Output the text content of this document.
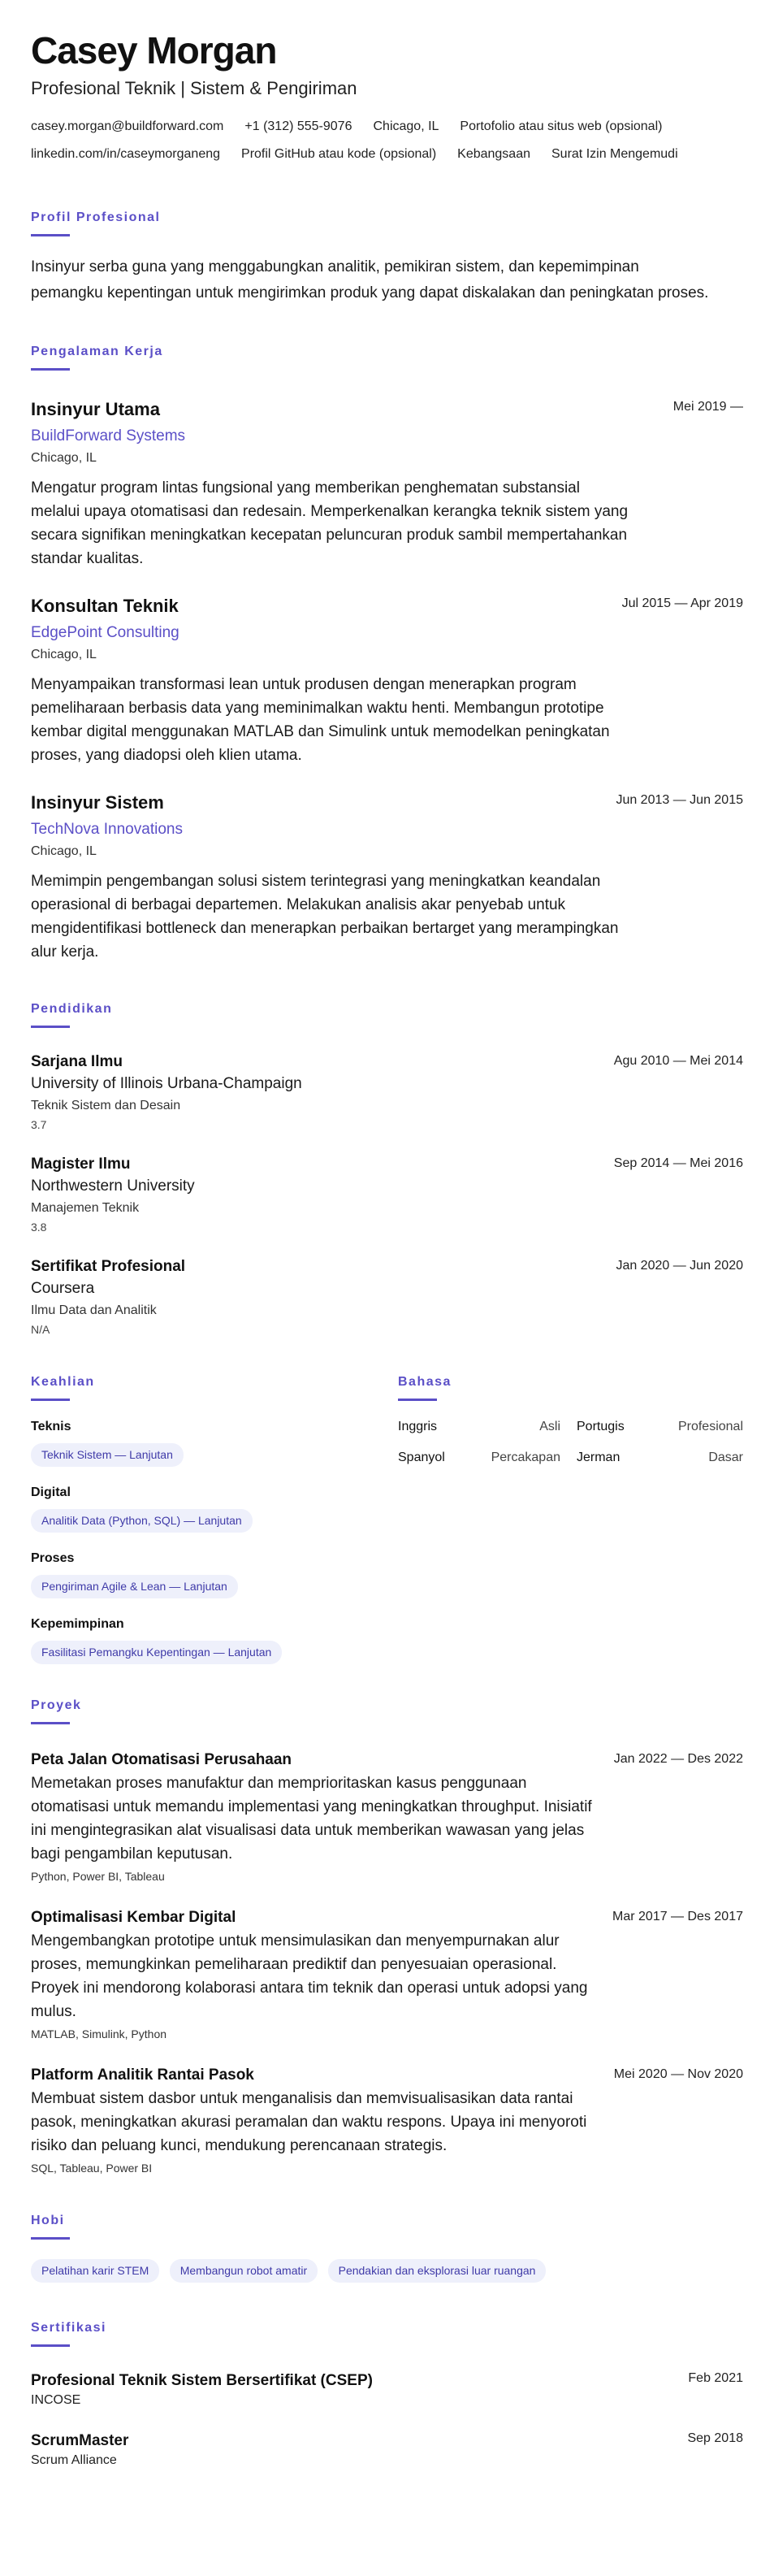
Casey Morgan
Profesional Teknik | Sistem & Pengiriman
casey.morgan@buildforward.com +1 (312) 555-9076 Chicago, IL Portofolio atau situs web (opsional)
linkedin.com/in/caseymorganeng Profil GitHub atau kode (opsional) Kebangsaan Surat Izin Mengemudi
Profil Profesional
Insinyur serba guna yang menggabungkan analitik, pemikiran sistem, dan kepemimpinan pemangku kepentingan untuk mengirimkan produk yang dapat diskalakan dan peningkatan proses.
Pengalaman Kerja
Insinyur Utama	Mei 2019 —
BuildForward Systems
Chicago, IL
Mengatur program lintas fungsional yang memberikan penghematan substansial melalui upaya otomatisasi dan redesain. Memperkenalkan kerangka teknik sistem yang secara signifikan meningkatkan kecepatan peluncuran produk sambil mempertahankan standar kualitas.
Konsultan Teknik	Jul 2015 — Apr 2019
EdgePoint Consulting
Chicago, IL
Menyampaikan transformasi lean untuk produsen dengan menerapkan program pemeliharaan berbasis data yang meminimalkan waktu henti. Membangun prototipe kembar digital menggunakan MATLAB dan Simulink untuk memodelkan peningkatan proses, yang diadopsi oleh klien utama.
Insinyur Sistem	Jun 2013 — Jun 2015
TechNova Innovations
Chicago, IL
Memimpin pengembangan solusi sistem terintegrasi yang meningkatkan keandalan operasional di berbagai departemen. Melakukan analisis akar penyebab untuk mengidentifikasi bottleneck dan menerapkan perbaikan bertarget yang merampingkan alur kerja.
Pendidikan
Sarjana Ilmu	Agu 2010 — Mei 2014
University of Illinois Urbana-Champaign
Teknik Sistem dan Desain
3.7
Magister Ilmu	Sep 2014 — Mei 2016
Northwestern University
Manajemen Teknik
3.8
Sertifikat Profesional	Jan 2020 — Jun 2020
Coursera
Ilmu Data dan Analitik
N/A
Keahlian
Teknis
Teknik Sistem — Lanjutan
Digital
Analitik Data (Python, SQL) — Lanjutan
Proses
Pengiriman Agile & Lean — Lanjutan
Kepemimpinan
Fasilitasi Pemangku Kepentingan — Lanjutan
Bahasa
Inggris	Asli Portugis	Profesional
Spanyol	Percakapan Jerman	Dasar
Proyek
Peta Jalan Otomatisasi Perusahaan	Jan 2022 — Des 2022
Memetakan proses manufaktur dan memprioritaskan kasus penggunaan otomatisasi untuk memandu implementasi yang meningkatkan throughput. Inisiatif ini mengintegrasikan alat visualisasi data untuk memberikan wawasan yang jelas bagi pengambilan keputusan.
Python, Power BI, Tableau
Optimalisasi Kembar Digital	Mar 2017 — Des 2017
Mengembangkan prototipe untuk mensimulasikan dan menyempurnakan alur proses, memungkinkan pemeliharaan prediktif dan penyesuaian operasional. Proyek ini mendorong kolaborasi antara tim teknik dan operasi untuk adopsi yang mulus.
MATLAB, Simulink, Python
Platform Analitik Rantai Pasok	Mei 2020 — Nov 2020
Membuat sistem dasbor untuk menganalisis dan memvisualisasikan data rantai pasok, meningkatkan akurasi peramalan dan waktu respons. Upaya ini menyoroti risiko dan peluang kunci, mendukung perencanaan strategis.
SQL, Tableau, Power BI
Hobi
Pelatihan karir STEM	Membangun robot amatir	Pendakian dan eksplorasi luar ruangan
Sertifikasi
Profesional Teknik Sistem Bersertifikat (CSEP)	Feb 2021
INCOSE
ScrumMaster	Sep 2018
Scrum Alliance
